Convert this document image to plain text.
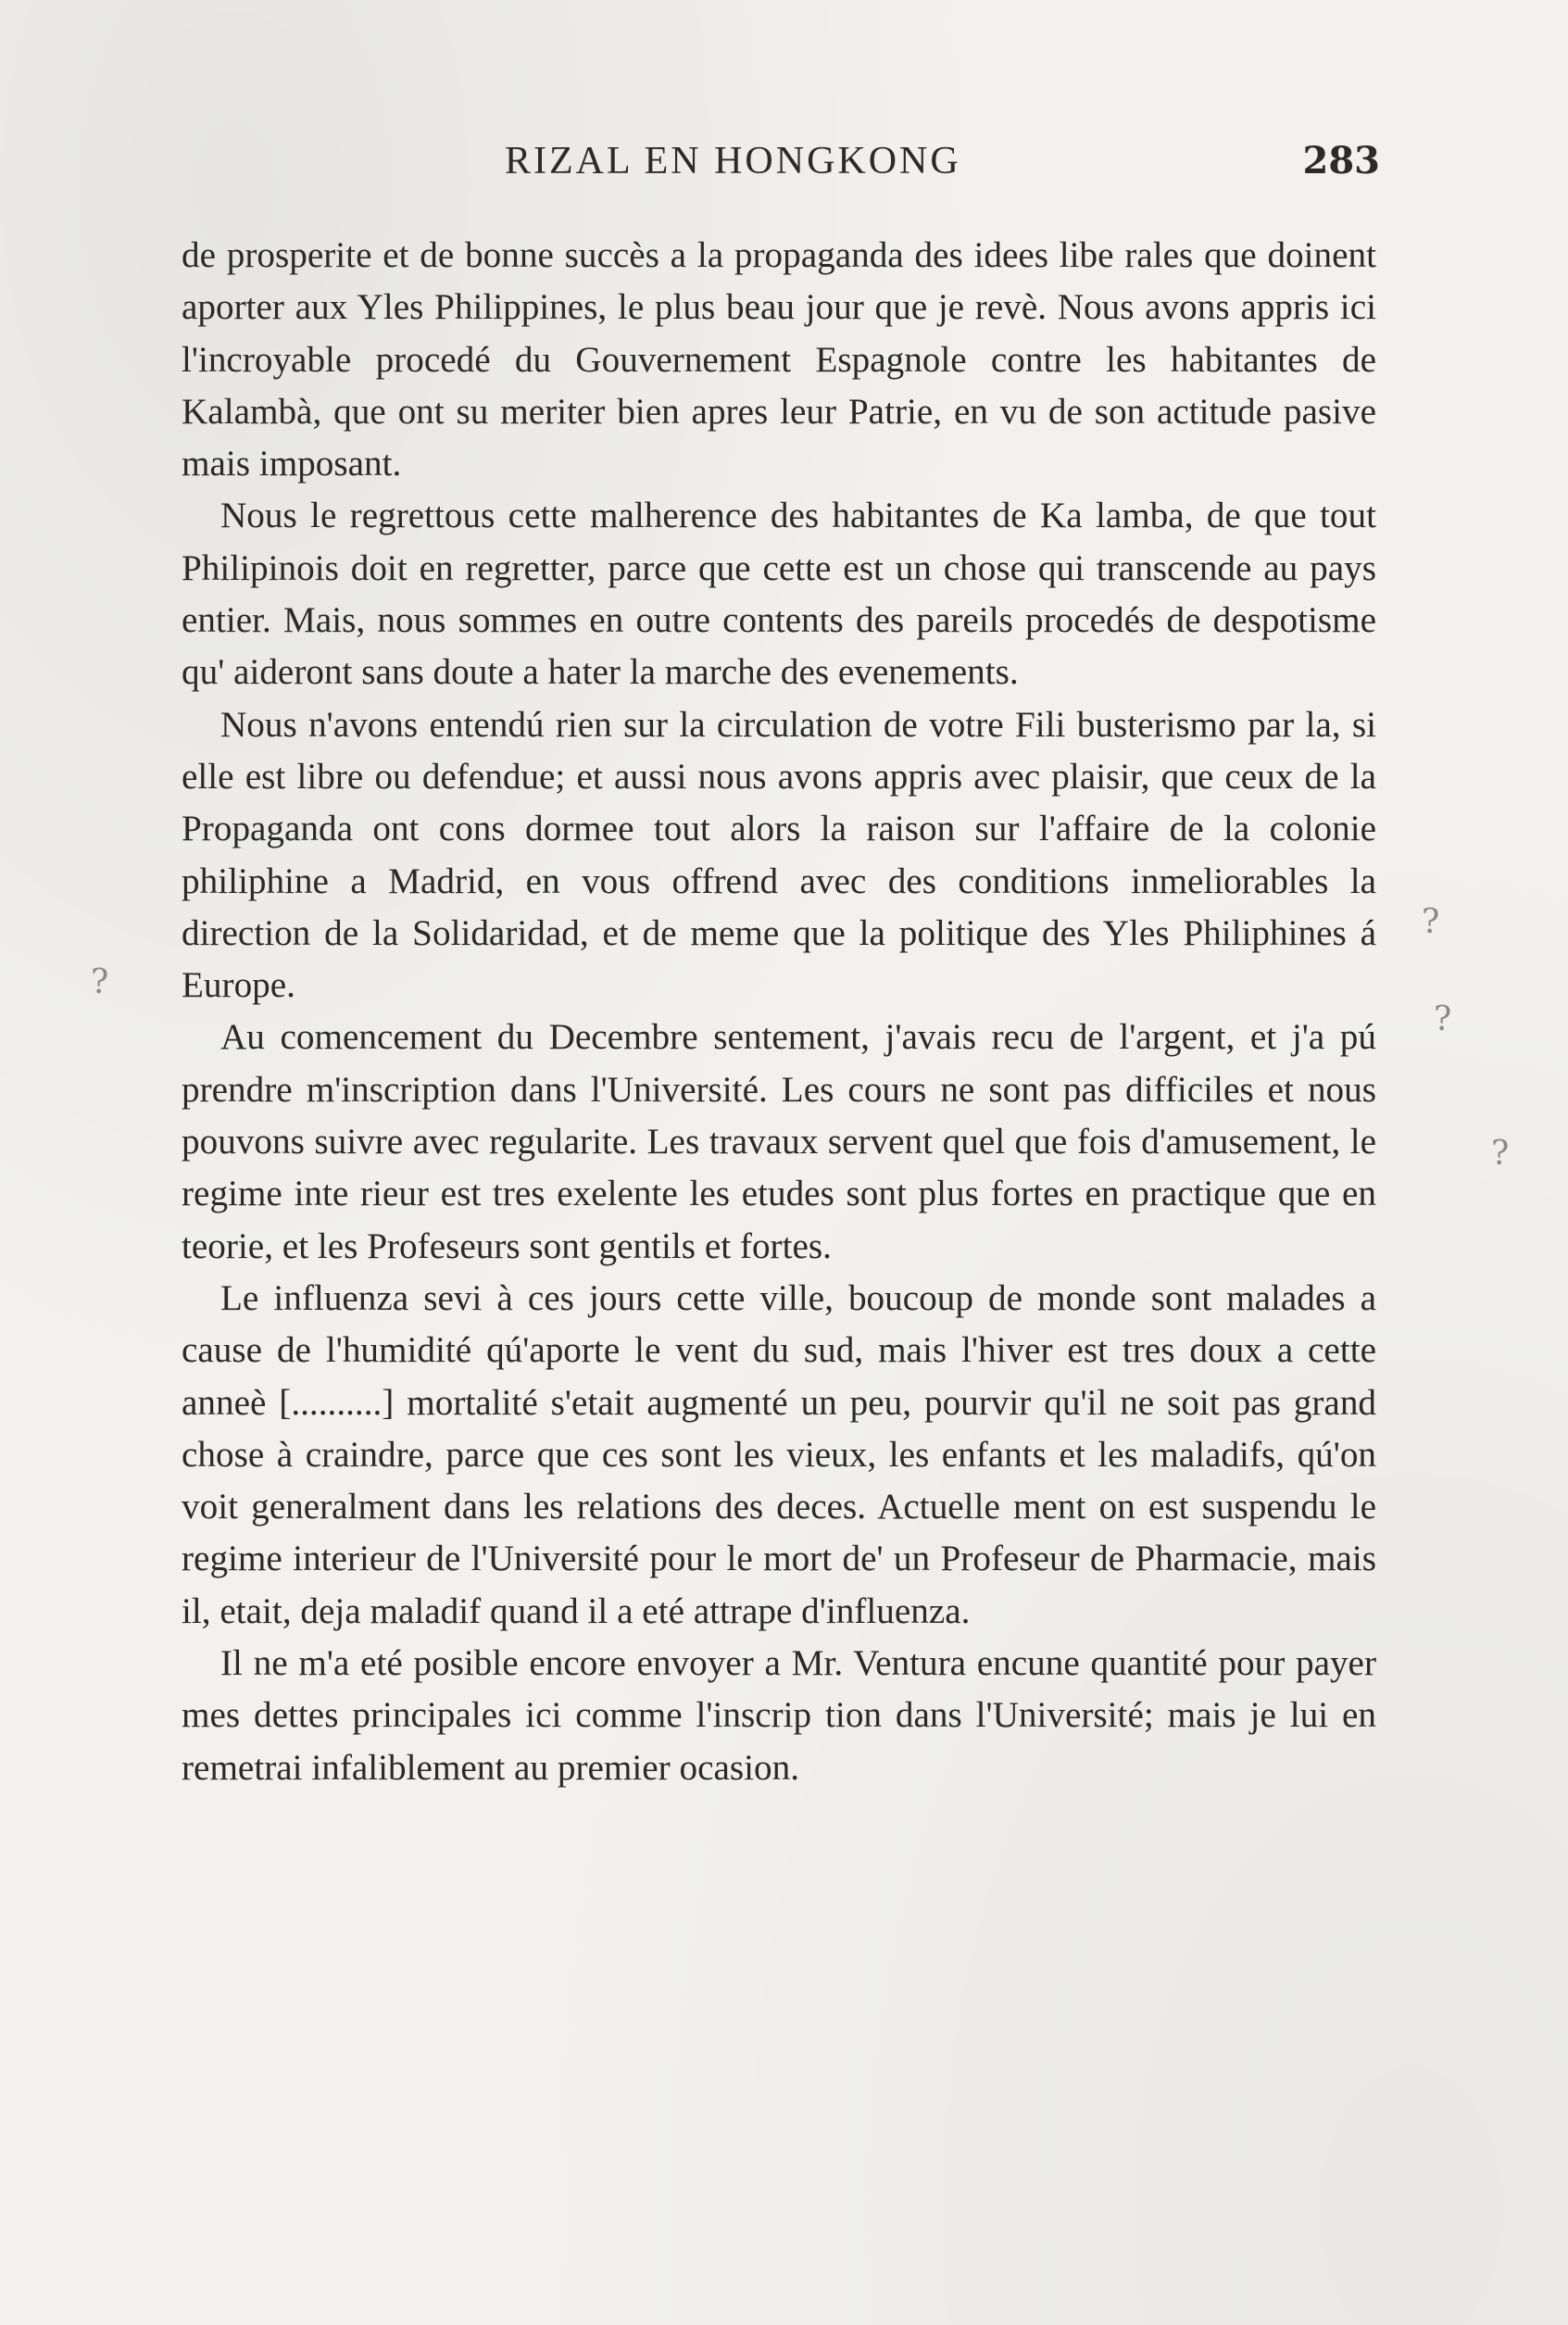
RIZAL EN HONGKONG	283

de prosperite et de bonne succès a la propaganda des idees libe rales que doinent aporter aux Yles Philippines, le plus beau jour que je revè. Nous avons appris ici l'incroyable procedé du Gouvernement Espagnole contre les habitantes de Kalambà, que ont su meriter bien apres leur Patrie, en vu de son actitude pasive mais imposant.

Nous le regrettous cette malherence des habitantes de Ka lamba, de que tout Philipinois doit en regretter, parce que cette est un chose qui transcende au pays entier. Mais, nous sommes en outre contents des pareils procedés de despotisme qu' aideront sans doute a hater la marche des evenements.

Nous n'avons entendú rien sur la circulation de votre Fili busterismo par la, si elle est libre ou defendue; et aussi nous avons appris avec plaisir, que ceux de la Propaganda ont cons dormee tout alors la raison sur l'affaire de la colonie philiphine a Madrid, en vous offrend avec des conditions inmeliorables la direction de la Solidaridad, et de meme que la politique des Yles Philiphines á Europe.

Au comencement du Decembre sentement, j'avais recu de l'argent, et j'a pú prendre m'inscription dans l'Université. Les cours ne sont pas difficiles et nous pouvons suivre avec regularite. Les travaux servent quel que fois d'amusement, le regime inte rieur est tres exelente les etudes sont plus fortes en practique que en teorie, et les Profeseurs sont gentils et fortes.

Le influenza sevi à ces jours cette ville, boucoup de monde sont malades a cause de l'humidité qú'aporte le vent du sud, mais l'hiver est tres doux a cette anneè [..........] mortalité s'etait augmenté un peu, pourvir qu'il ne soit pas grand chose à craindre, parce que ces sont les vieux, les enfants et les maladifs, qú'on voit generalment dans les relations des deces. Actuelle ment on est suspendu le regime interieur de l'Université pour le mort de' un Profeseur de Pharmacie, mais il, etait, deja maladif quand il a eté attrape d'influenza.

Il ne m'a eté posible encore envoyer a Mr. Ventura encune quantité pour payer mes dettes principales ici comme l'inscrip tion dans l'Université; mais je lui en remetrai infaliblement au premier ocasion.

?
?
?
?
